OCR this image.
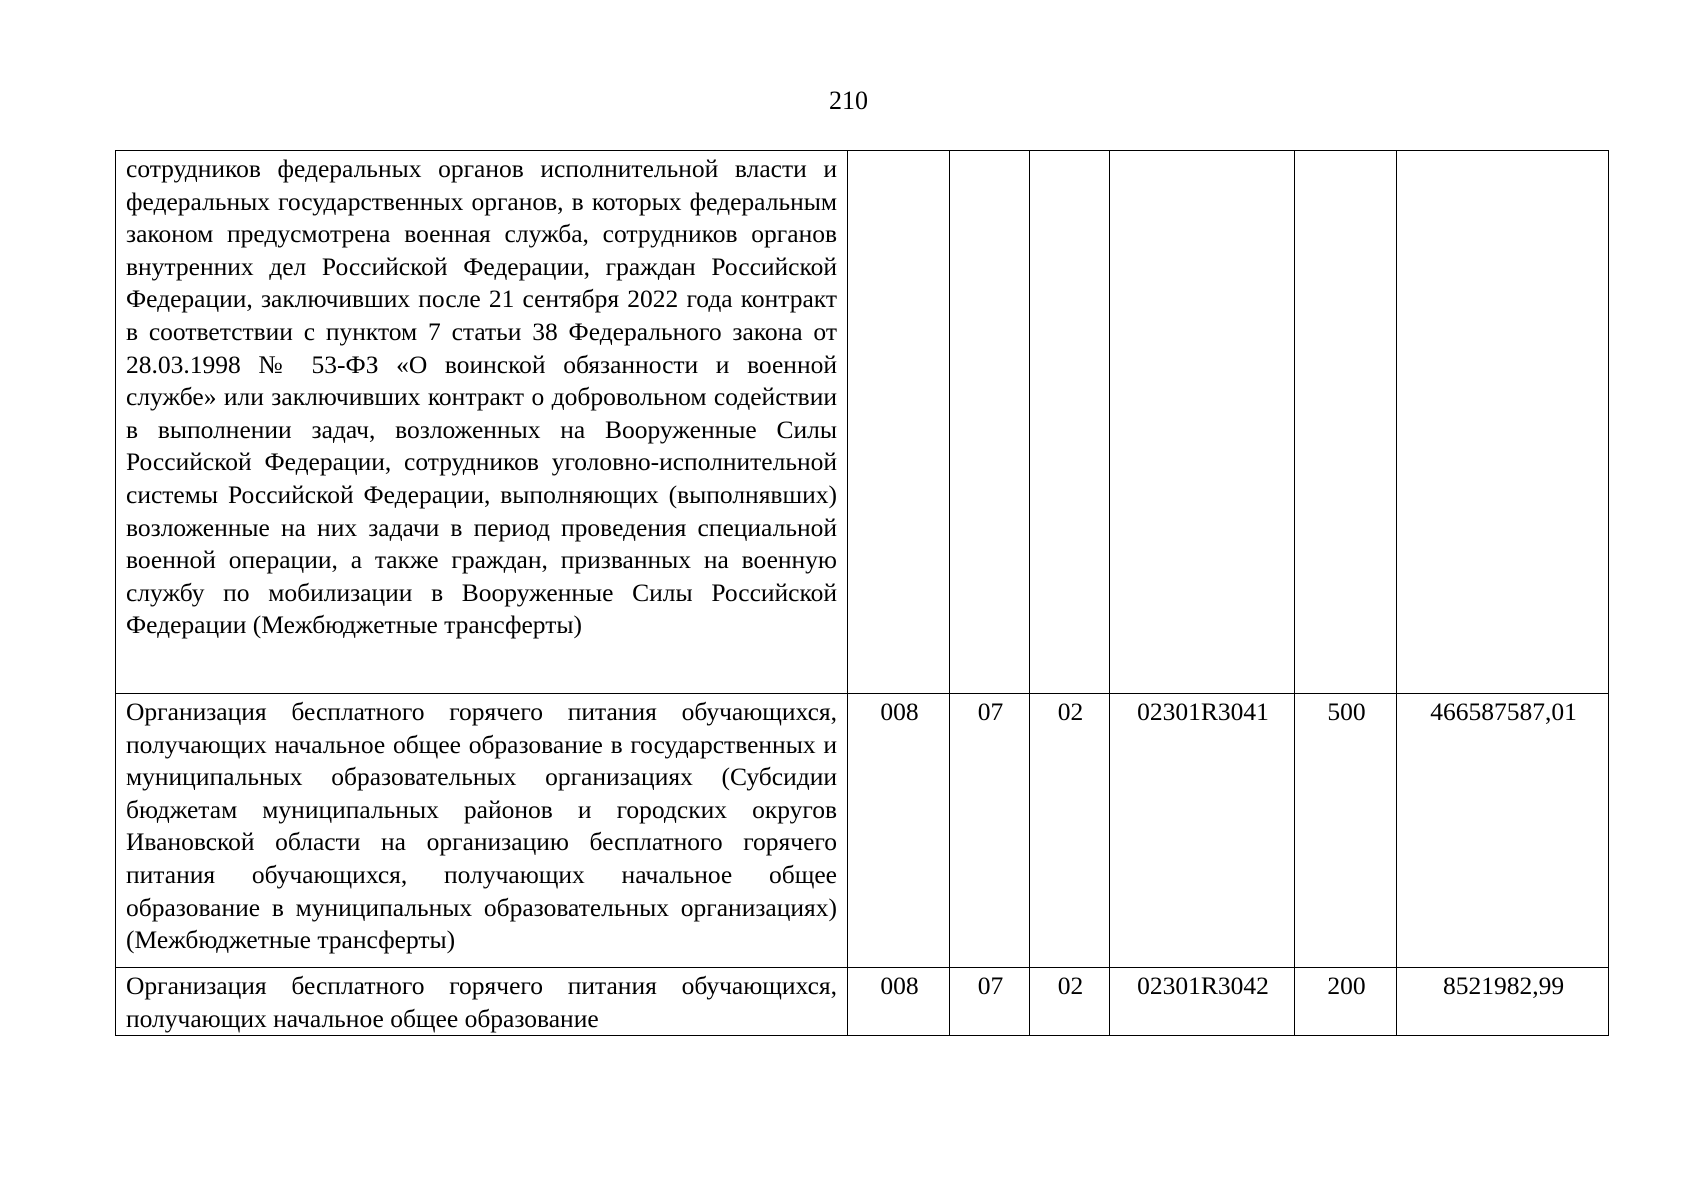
210
сотрудников федеральных органов исполнительной власти и федеральных государственных органов, в которых федеральным законом предусмотрена военная служба, сотрудников органов внутренних дел Российской Федерации, граждан Российской Федерации, заключивших после 21 сентября 2022 года контракт в соответствии с пунктом 7 статьи 38 Федерального закона от 28.03.1998 № 53-ФЗ «О воинской обязанности и военной службе» или заключивших контракт о добровольном содействии в выполнении задач, возложенных на Вооруженные Силы Российской Федерации, сотрудников уголовно-исполнительной системы Российской Федерации, выполняющих (выполнявших) возложенные на них задачи в период проведения специальной военной операции, а также граждан, призванных на военную службу по мобилизации в Вооруженные Силы Российской Федерации (Межбюджетные трансферты)						
Организация бесплатного горячего питания обучающихся, получающих начальное общее образование в государственных и муниципальных образовательных организациях (Субсидии бюджетам муниципальных районов и городских округов Ивановской области на организацию бесплатного горячего питания обучающихся, получающих начальное общее образование в муниципальных образовательных организациях) (Межбюджетные трансферты)	008	07	02	02301R3041	500	466587587,01
Организация бесплатного горячего питания обучающихся, получающих начальное общее образование	008	07	02	02301R3042	200	8521982,99
